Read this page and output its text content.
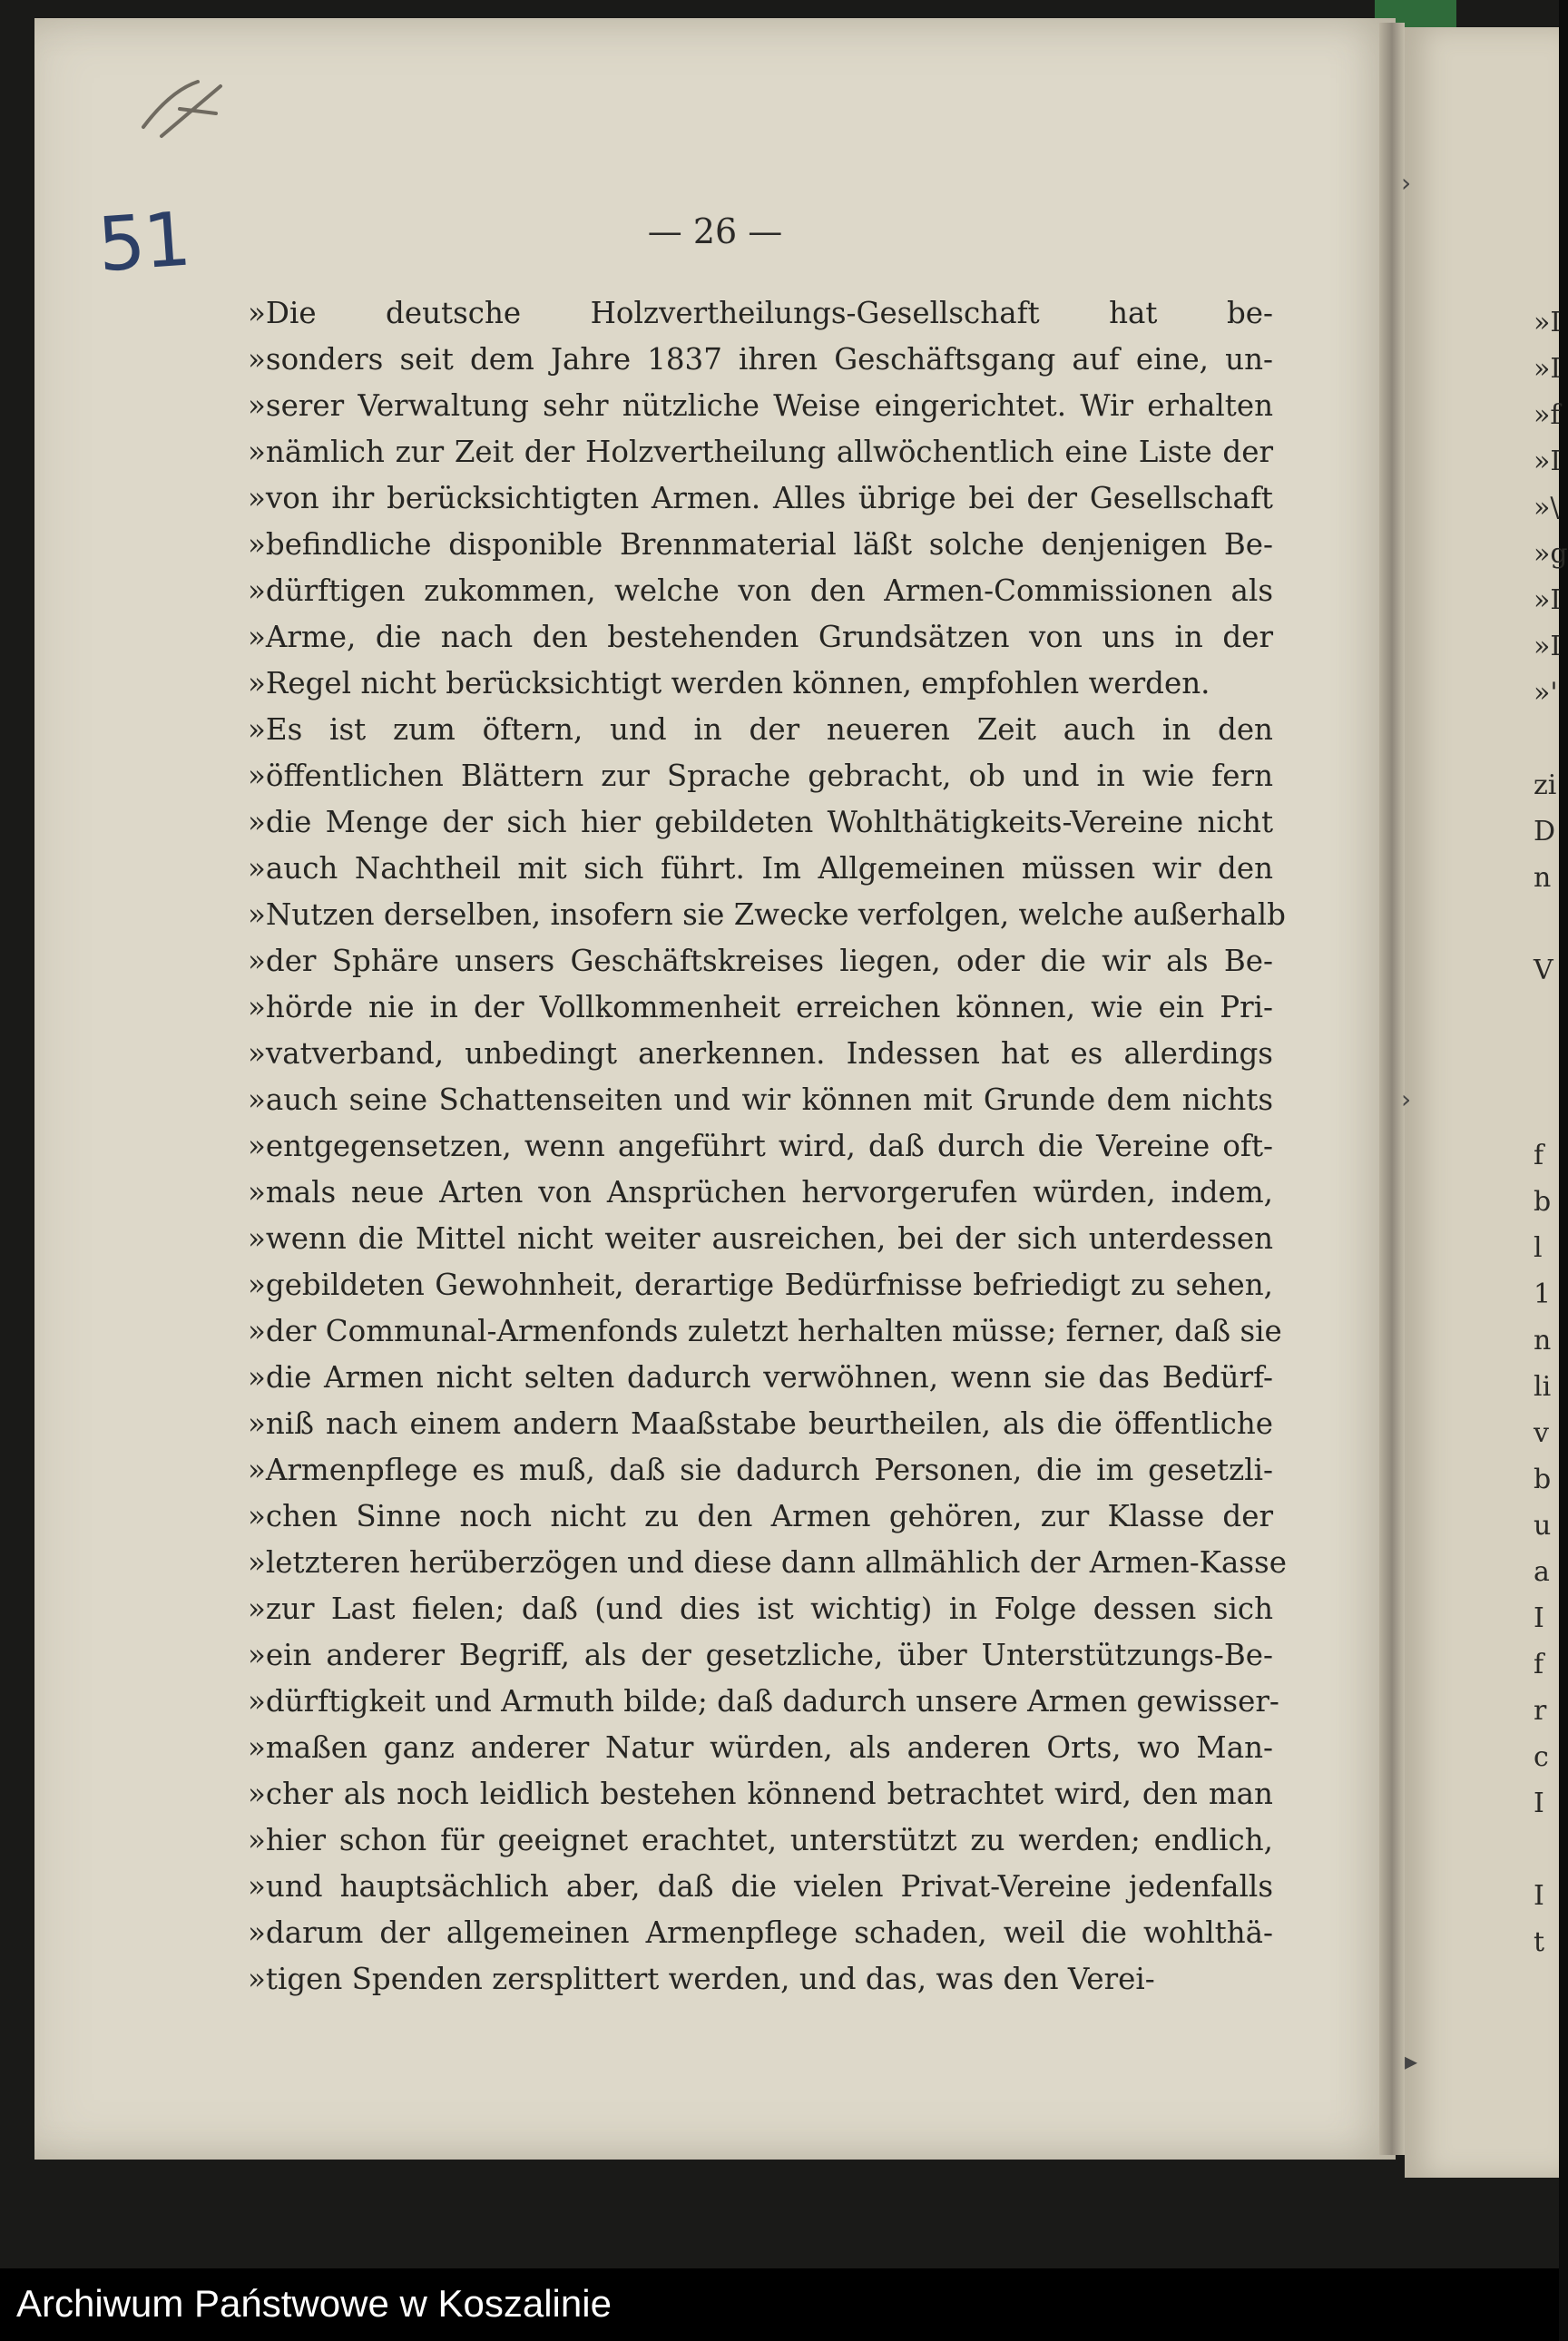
51	— 26 —
»Die deutsche Holzvertheilungs-Gesellschaft hat be-
»sonders seit dem Jahre 1837 ihren Geschäftsgang auf eine, un-
»serer Verwaltung sehr nützliche Weise eingerichtet. Wir erhalten
»nämlich zur Zeit der Holzvertheilung allwöchentlich eine Liste der
»von ihr berücksichtigten Armen. Alles übrige bei der Gesellschaft
»befindliche disponible Brennmaterial läßt solche denjenigen Be-
»dürftigen zukommen, welche von den Armen-Commissionen als
»Arme, die nach den bestehenden Grundsätzen von uns in der
»Regel nicht berücksichtigt werden können, empfohlen werden.
»Es ist zum öftern, und in der neueren Zeit auch in den
»öffentlichen Blättern zur Sprache gebracht, ob und in wie fern
»die Menge der sich hier gebildeten Wohlthätigkeits-Vereine nicht
»auch Nachtheil mit sich führt. Im Allgemeinen müssen wir den
»Nutzen derselben, insofern sie Zwecke verfolgen, welche außerhalb
»der Sphäre unsers Geschäftskreises liegen, oder die wir als Be-
»hörde nie in der Vollkommenheit erreichen können, wie ein Pri-
»vatverband, unbedingt anerkennen. Indessen hat es allerdings
»auch seine Schattenseiten und wir können mit Grunde dem nichts
»entgegensetzen, wenn angeführt wird, daß durch die Vereine oft-
»mals neue Arten von Ansprüchen hervorgerufen würden, indem,
»wenn die Mittel nicht weiter ausreichen, bei der sich unterdessen
»gebildeten Gewohnheit, derartige Bedürfnisse befriedigt zu sehen,
»der Communal-Armenfonds zuletzt herhalten müsse; ferner, daß sie
»die Armen nicht selten dadurch verwöhnen, wenn sie das Bedürf-
»niß nach einem andern Maaßstabe beurtheilen, als die öffentliche
»Armenpflege es muß, daß sie dadurch Personen, die im gesetzli-
»chen Sinne noch nicht zu den Armen gehören, zur Klasse der
»letzteren herüberzögen und diese dann allmählich der Armen-Kasse
»zur Last fielen; daß (und dies ist wichtig) in Folge dessen sich
»ein anderer Begriff, als der gesetzliche, über Unterstützungs-Be-
»dürftigkeit und Armuth bilde; daß dadurch unsere Armen gewisser-
»maßen ganz anderer Natur würden, als anderen Orts, wo Man-
»cher als noch leidlich bestehen könnend betrachtet wird, den man
»hier schon für geeignet erachtet, unterstützt zu werden; endlich,
»und hauptsächlich aber, daß die vielen Privat-Vereine jedenfalls
»darum der allgemeinen Armenpflege schaden, weil die wohlthä-
»tigen Spenden zersplittert werden, und das, was den Verei-
›
›
▸
»I
»I
»f
»I
»\
»g
»I
»I
»'
zi
D
n
V
f
b
l
1
n
li
v
b
u
a
I
f
r
c
I
I
t
Archiwum Państwowe w Koszalinie
